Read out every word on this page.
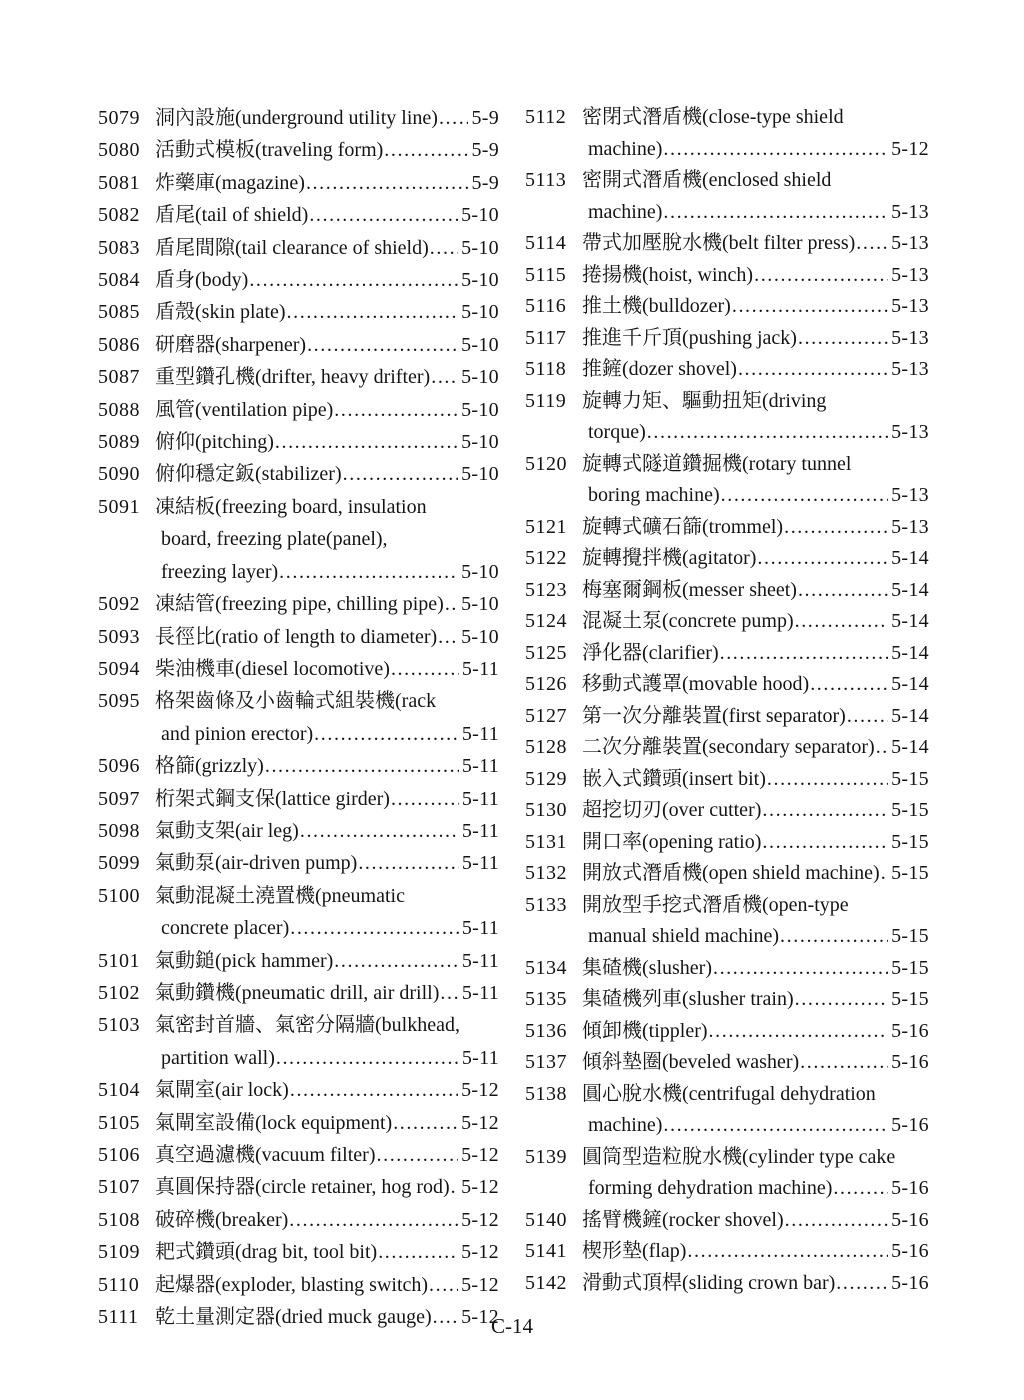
5079 洞內設施(underground utility line) ..... 5-9
5080 活動式模板(traveling form) .....	5-9
5081 炸藥庫(magazine) .....	5-9
5082 盾尾(tail of shield) .....	5-10
5083 盾尾間隙(tail clearance of shield) ..... 5-10
5084 盾身(body) .....	5-10
5085 盾殼(skin plate) .....	5-10
5086 研磨器(sharpener) .....	5-10
5087 重型鑽孔機(drifter, heavy drifter) ..... 5-10
5088 風管(ventilation pipe) .....	5-10
5089 俯仰(pitching) .....	5-10
5090 俯仰穩定鈑(stabilizer) .....	5-10
5091 凍結板(freezing board, insulation
board, freezing plate(panel),
freezing layer) .....	5-10
5092 凍結管(freezing pipe, chilling pipe) ..... 5-10
5093 長徑比(ratio of length to diameter) ..... 5-10
5094 柴油機車(diesel locomotive) .....	5-11
5095 格架齒條及小齒輪式組裝機(rack
and pinion erector) .....	5-11
5096 格篩(grizzly) .....	5-11
5097 桁架式鋼支保(lattice girder) .....	5-11
5098 氣動支架(air leg) .....	5-11
5099 氣動泵(air-driven pump) .....	5-11
5100 氣動混凝土澆置機(pneumatic
concrete placer) .....	5-11
5101 氣動鎚(pick hammer) .....	5-11
5102 氣動鑽機(pneumatic drill, air drill) ..... 5-11
5103 氣密封首牆、氣密分隔牆(bulkhead,
partition wall) .....	5-11
5104 氣閘室(air lock) .....	5-12
5105 氣閘室設備(lock equipment) .....	5-12
5106 真空過濾機(vacuum filter) .....	5-12
5107 真圓保持器(circle retainer, hog rod) ..... 5-12
5108 破碎機(breaker) .....	5-12
5109 耙式鑽頭(drag bit, tool bit) .....	5-12
5110 起爆器(exploder, blasting switch) ..... 5-12
5111 乾土量測定器(dried muck gauge) ..... 5-12
5112 密閉式潛盾機(close-type shield
machine) .....	5-12
5113 密開式潛盾機(enclosed shield
machine) .....	5-13
5114 帶式加壓脫水機(belt filter press) ..... 5-13
5115 捲揚機(hoist, winch) .....	5-13
5116 推土機(bulldozer) .....	5-13
5117 推進千斤頂(pushing jack) .....	5-13
5118 推鏟(dozer shovel) .....	5-13
5119 旋轉力矩、驅動扭矩(driving
torque) .....	5-13
5120 旋轉式隧道鑽掘機(rotary tunnel
boring machine) .....	5-13
5121 旋轉式礦石篩(trommel) .....	5-13
5122 旋轉攪拌機(agitator) .....	5-14
5123 梅塞爾鋼板(messer sheet) .....	5-14
5124 混凝土泵(concrete pump) .....	5-14
5125 淨化器(clarifier) .....	5-14
5126 移動式護罩(movable hood) .....	5-14
5127 第一次分離裝置(first separator) ..... 5-14
5128 二次分離裝置(secondary separator) ..... 5-14
5129 嵌入式鑽頭(insert bit) .....	5-15
5130 超挖切刃(over cutter) .....	5-15
5131 開口率(opening ratio) .....	5-15
5132 開放式潛盾機(open shield machine) ..... 5-15
5133 開放型手挖式潛盾機(open-type
manual shield machine) .....	5-15
5134 集碴機(slusher) .....	5-15
5135 集碴機列車(slusher train) .....	5-15
5136 傾卸機(tippler) .....	5-16
5137 傾斜墊圈(beveled washer) .....	5-16
5138 圓心脫水機(centrifugal dehydration
machine) .....	5-16
5139 圓筒型造粒脫水機(cylinder type cake
forming dehydration machine) .....	5-16
5140 搖臂機鏟(rocker shovel) .....	5-16
5141 楔形墊(flap) .....	5-16
5142 滑動式頂桿(sliding crown bar) .....	5-16
C-14
